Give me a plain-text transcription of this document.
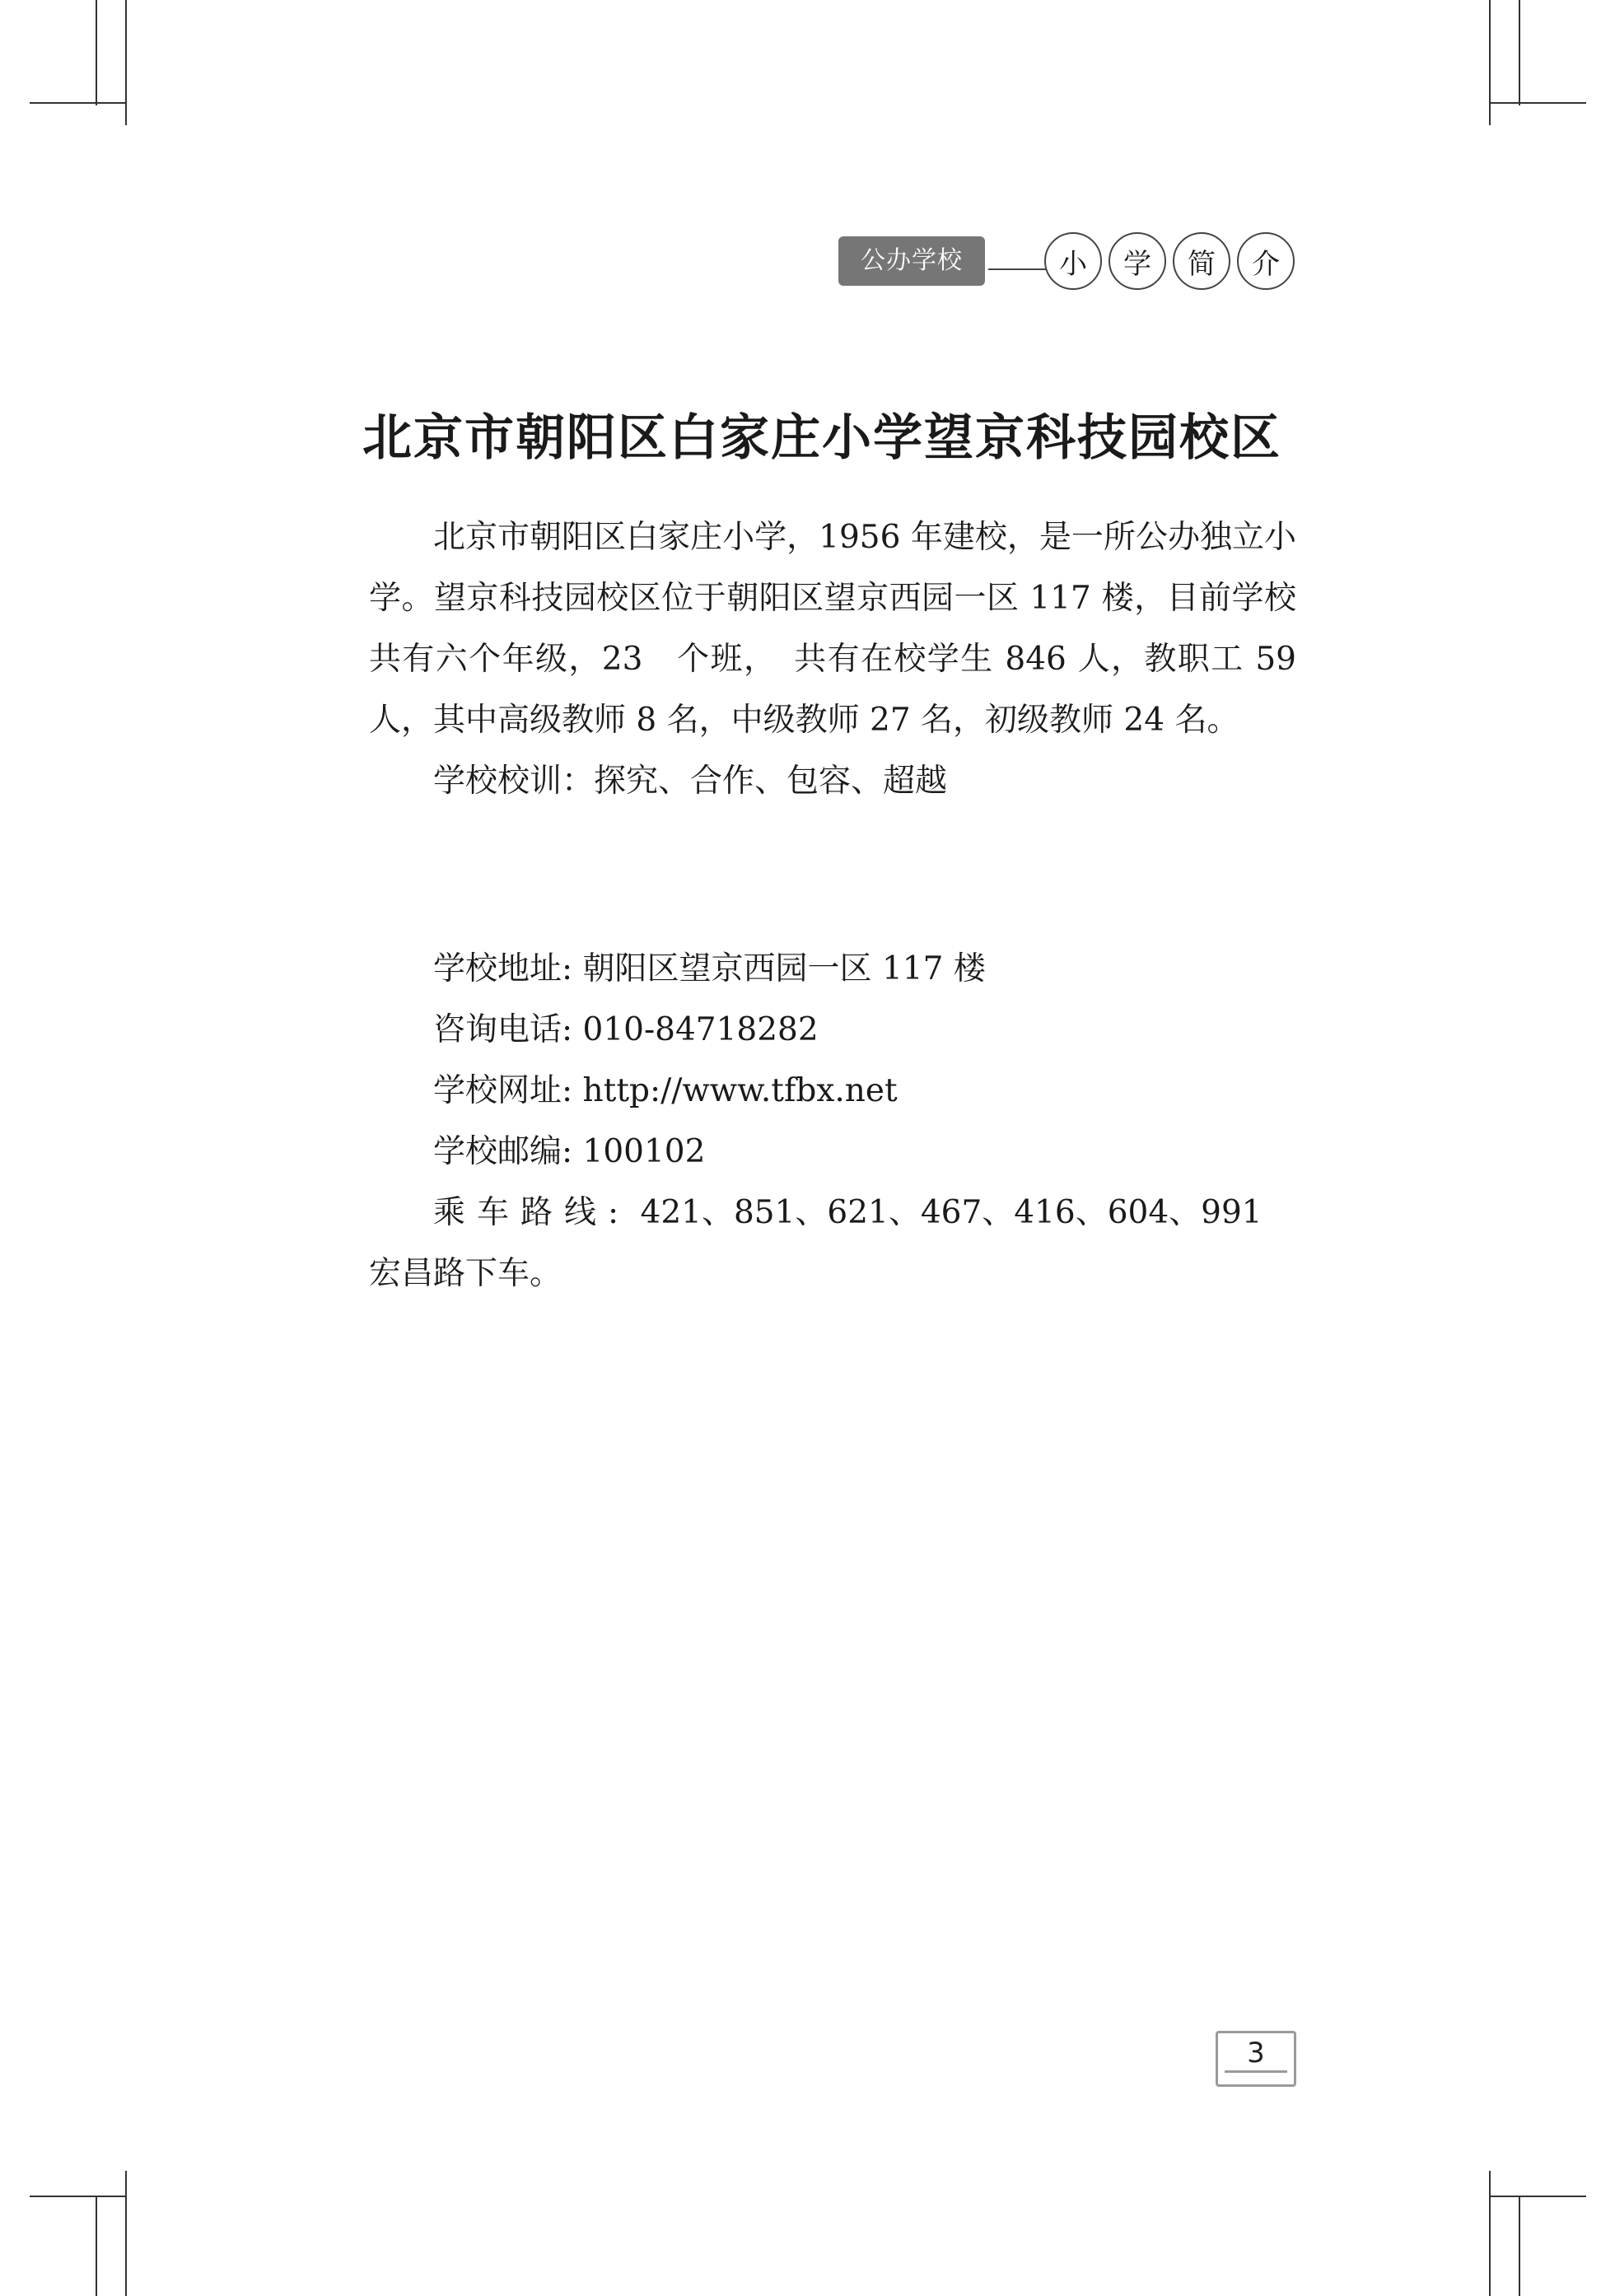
公办学校	小	学	简	介
北京市朝阳区白家庄小学望京科技园校区

北京市朝阳区白家庄小学，1956 年建校，是一所公办独立小学。望京科技园校区位于朝阳区望京西园一区 117 楼，目前学校共有六个年级，23　个班，　共有在校学生 846 人，教职工 59 人，其中高级教师 8 名，中级教师 27 名，初级教师 24 名。

学校校训：探究、合作、包容、超越

学校地址: 朝阳区望京西园一区 117 楼
咨询电话: 010-84718282
学校网址: http://www.tfbx.net
学校邮编: 100102
乘车路线: 421、851、621、467、416、604、991 宏昌路下车。
3
